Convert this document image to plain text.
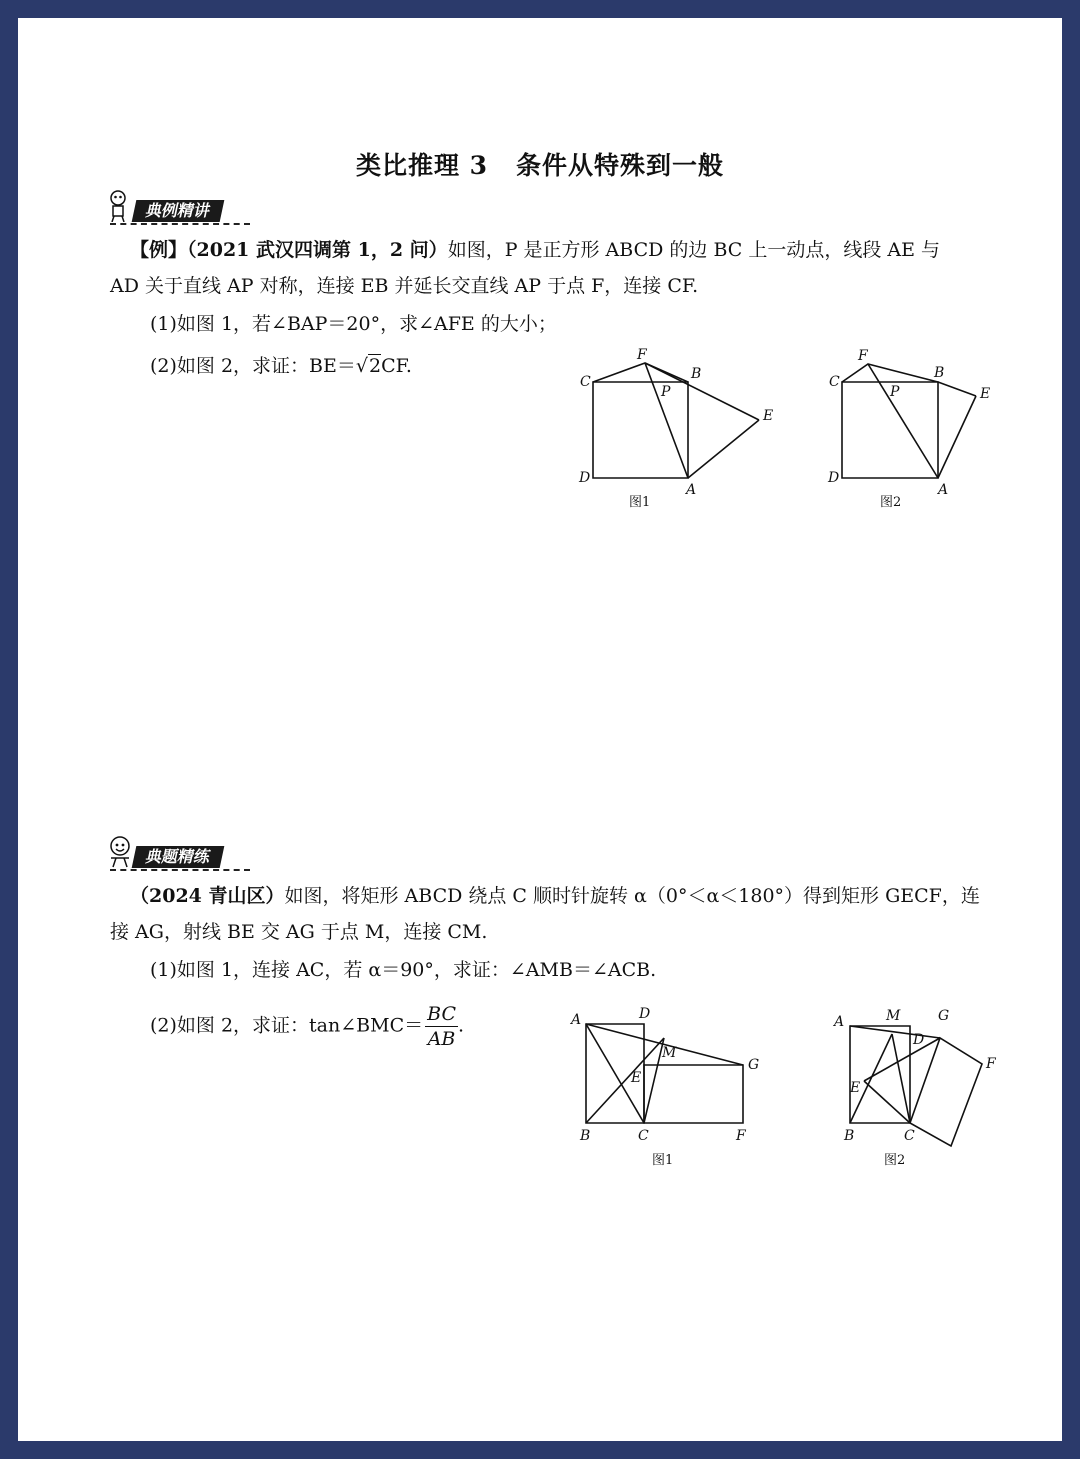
类比推理 3 条件从特殊到一般
典例精讲
【例】（2021 武汉四调第 1，2 问）如图，P 是正方形 ABCD 的边 BC 上一动点，线段 AE 与
AD 关于直线 AP 对称，连接 EB 并延长交直线 AP 于点 F，连接 CF.
(1)如图 1，若∠BAP＝20°，求∠AFE 的大小；
(2)如图 2，求证：BE＝√2CF.	F
C
P
B
E
D
A
图1
F
C
P
B
E
D
A
图2
典题精练
（2024 青山区）如图，将矩形 ABCD 绕点 C 顺时针旋转 α（0°＜α＜180°）得到矩形 GECF，连
接 AG，射线 BE 交 AG 于点 M，连接 CM.
(1)如图 1，连接 AC，若 α＝90°，求证：∠AMB＝∠ACB.
(2)如图 2，求证：tan∠BMC＝ $\frac{BC}{AB}$ .	A	D
M
E
G
B	C	F
图1
A	M	G
D
F
E
B	C
图2
